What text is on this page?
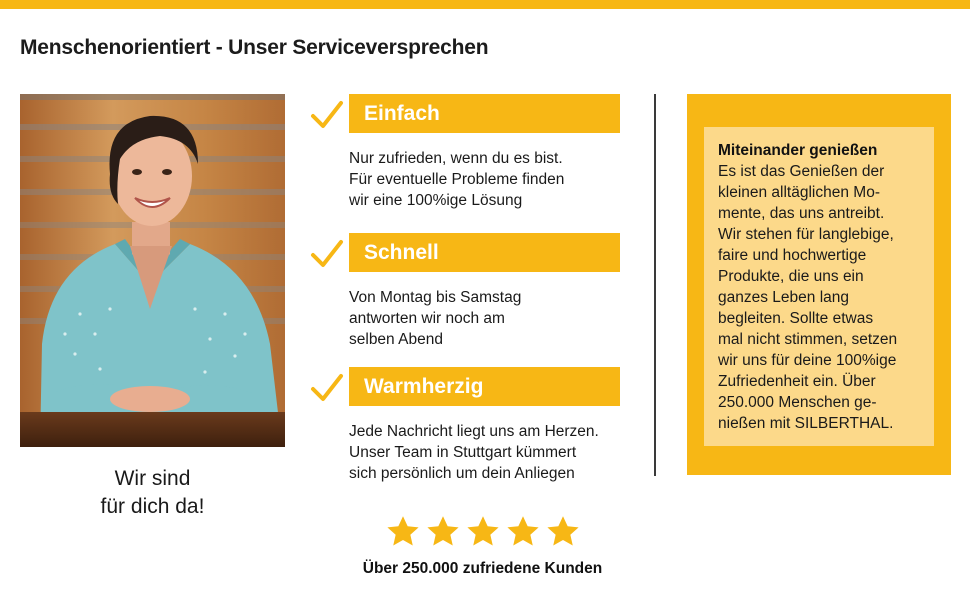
Menschenorientiert - Unser Serviceversprechen
Wir sind
für dich da!
Einfach
Nur zufrieden, wenn du es bist.
Für eventuelle Probleme finden
wir eine 100%ige Lösung
Schnell
Von Montag bis Samstag
antworten wir noch am
selben Abend
Warmherzig
Jede Nachricht liegt uns am Herzen.
Unser Team in Stuttgart kümmert
sich persönlich um dein Anliegen
Miteinander genießen
Es ist das Genießen der
kleinen alltäglichen Mo-
mente, das uns antreibt.
Wir stehen für langlebige,
faire und hochwertige
Produkte, die uns ein
ganzes Leben lang
begleiten. Sollte etwas
mal nicht stimmen, setzen
wir uns für deine 100%ige
Zufriedenheit ein. Über
250.000 Menschen ge-
nießen mit SILBERTHAL.
Über 250.000 zufriedene Kunden
